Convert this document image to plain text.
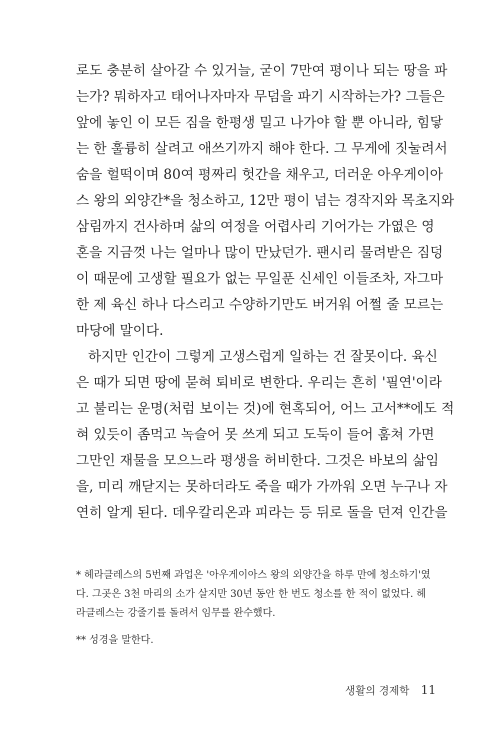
로도 충분히 살아갈 수 있거늘, 굳이 7만여 평이나 되는 땅을 파
는가? 뭐하자고 태어나자마자 무덤을 파기 시작하는가? 그들은
앞에 놓인 이 모든 짐을 한평생 밀고 나가야 할 뿐 아니라, 힘닿
는 한 훌륭히 살려고 애쓰기까지 해야 한다. 그 무게에 짓눌려서
숨을 헐떡이며 80여 평짜리 헛간을 채우고, 더러운 아우게이아
스 왕의 외양간*을 청소하고, 12만 평이 넘는 경작지와 목초지와
삼림까지 건사하며 삶의 여정을 어렵사리 기어가는 가엾은 영
혼을 지금껏 나는 얼마나 많이 만났던가. 팬시리 물려받은 짐덩
이 때문에 고생할 필요가 없는 무일푼 신세인 이들조차, 자그마
한 제 육신 하나 다스리고 수양하기만도 버거워 어쩔 줄 모르는
마당에 말이다.
하지만 인간이 그렇게 고생스럽게 일하는 건 잘못이다. 육신
은 때가 되면 땅에 묻혀 퇴비로 변한다. 우리는 흔히 '필연'이라
고 불리는 운명(처럼 보이는 것)에 현혹되어, 어느 고서**에도 적
혀 있듯이 좀먹고 녹슬어 못 쓰게 되고 도둑이 들어 훔쳐 가면
그만인 재물을 모으느라 평생을 허비한다. 그것은 바보의 삶임
을, 미리 깨닫지는 못하더라도 죽을 때가 가까워 오면 누구나 자
연히 알게 된다. 데우칼리온과 피라는 등 뒤로 돌을 던져 인간을
* 헤라클레스의 5번째 과업은 '아우게이아스 왕의 외양간을 하루 만에 청소하기'였
다. 그곳은 3천 마리의 소가 살지만 30년 동안 한 번도 청소를 한 적이 없었다. 헤
라클레스는 강줄기를 돌려서 임무를 완수했다.
** 성경을 말한다.
생활의 경제학 11
